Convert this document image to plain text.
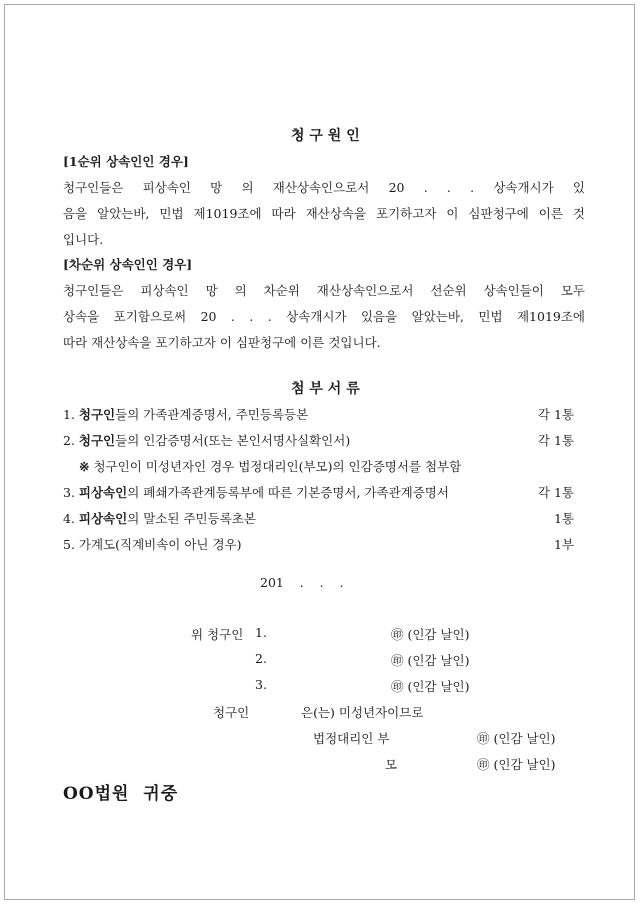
청 구 원 인
[1순위 상속인인 경우]
청구인들은 피상속인 망 의 재산상속인으로서 20 . . . 상속개시가 있
음을 알았는바, 민법 제1019조에 따라 재산상속을 포기하고자 이 심판청구에 이른 것
입니다.
[차순위 상속인인 경우]
청구인들은 피상속인 망 의 차순위 재산상속인으로서 선순위 상속인들이 모두
상속을 포기함으로써 20 . . . 상속개시가 있음을 알았는바, 민법 제1019조에
따라 재산상속을 포기하고자 이 심판청구에 이른 것입니다.
첨 부 서 류
1. 청구인들의 가족관계증명서, 주민등록등본	각 1통
2. 청구인들의 인감증명서(또는 본인서명사실확인서)	각 1통
※ 청구인이 미성년자인 경우 법정대리인(부모)의 인감증명서를 첨부함
3. 피상속인의 폐쇄가족관계등록부에 따른 기본증명서, 가족관계증명서	각 1통
4. 피상속인의 말소된 주민등록초본	1통
5. 가계도(직계비속이 아닌 경우)	1부
201    .    .    .
위 청구인 1.	㊞ (인감 날인)
2.	㊞ (인감 날인)
3.	㊞ (인감 날인)
청구인	은(는) 미성년자이므로
법정대리인 부	㊞ (인감 날인)
모	㊞ (인감 날인)
OO법원  귀중
